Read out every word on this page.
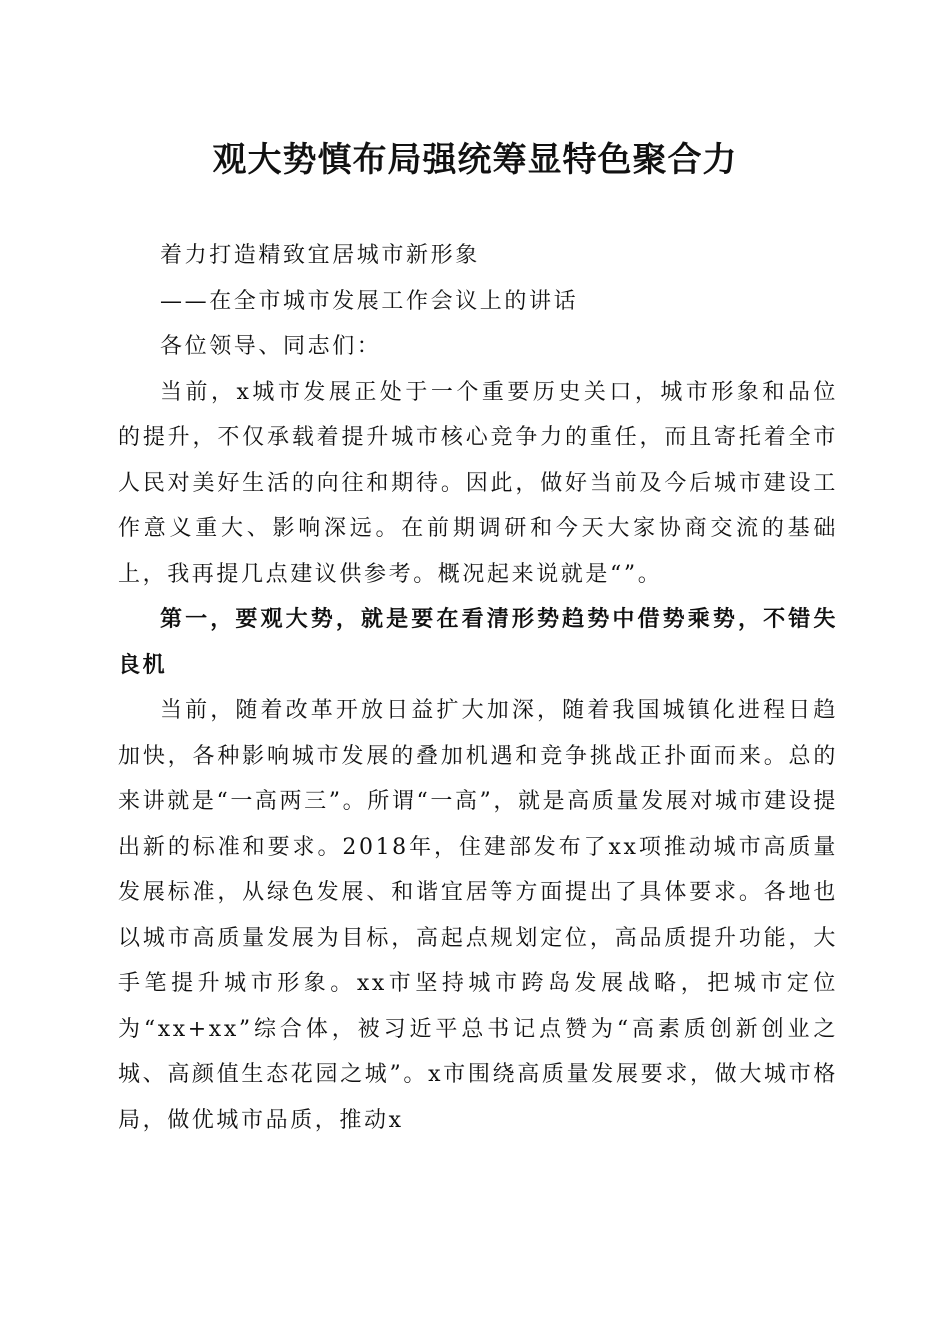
观大势慎布局强统筹显特色聚合力

着力打造精致宜居城市新形象

——在全市城市发展工作会议上的讲话

各位领导、同志们：

当前，x城市发展正处于一个重要历史关口，城市形象和品位的提升，不仅承载着提升城市核心竞争力的重任，而且寄托着全市人民对美好生活的向往和期待。因此，做好当前及今后城市建设工作意义重大、影响深远。在前期调研和今天大家协商交流的基础上，我再提几点建议供参考。概况起来说就是“”。

第一，要观大势，就是要在看清形势趋势中借势乘势，不错失良机

当前，随着改革开放日益扩大加深，随着我国城镇化进程日趋加快，各种影响城市发展的叠加机遇和竞争挑战正扑面而来。总的来讲就是“一高两三”。所谓“一高”，就是高质量发展对城市建设提出新的标准和要求。2018年，住建部发布了xx项推动城市高质量发展标准，从绿色发展、和谐宜居等方面提出了具体要求。各地也以城市高质量发展为目标，高起点规划定位，高品质提升功能，大手笔提升城市形象。xx市坚持城市跨岛发展战略，把城市定位为“xx+xx”综合体，被习近平总书记点赞为“高素质创新创业之城、高颜值生态花园之城”。x市围绕高质量发展要求，做大城市格局，做优城市品质，推动x
